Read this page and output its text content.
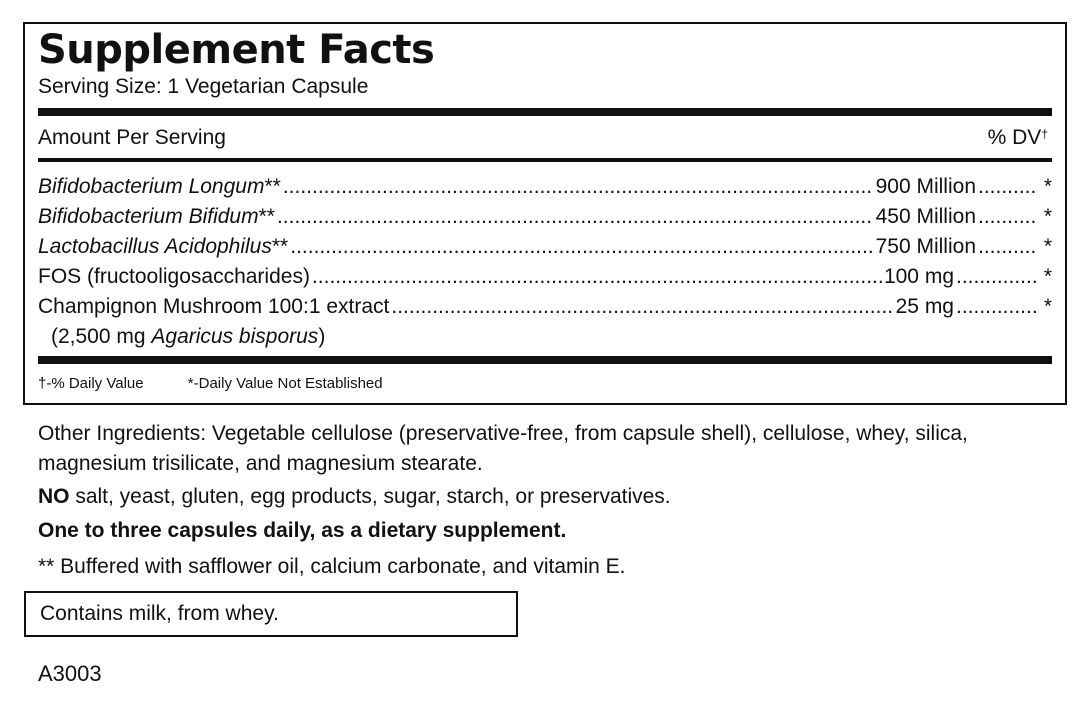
Supplement Facts
Serving Size: 1 Vegetarian Capsule
Amount Per Serving	% DV†
Bifidobacterium Longum** .....	900 Million .....	*
Bifidobacterium Bifidum** .....	450 Million .....	*
Lactobacillus Acidophilus** .....	750 Million .....	*
FOS (fructooligosaccharides) .....	100 mg .....	*
Champignon Mushroom 100:1 extract .....	25 mg .....	*
(2,500 mg Agaricus bisporus)
†-% Daily Value	*-Daily Value Not Established
Other Ingredients: Vegetable cellulose (preservative-free, from capsule shell), cellulose, whey, silica, magnesium trisilicate, and magnesium stearate.
NO salt, yeast, gluten, egg products, sugar, starch, or preservatives.
One to three capsules daily, as a dietary supplement.
** Buffered with safflower oil, calcium carbonate, and vitamin E.
Contains milk, from whey.
A3003
